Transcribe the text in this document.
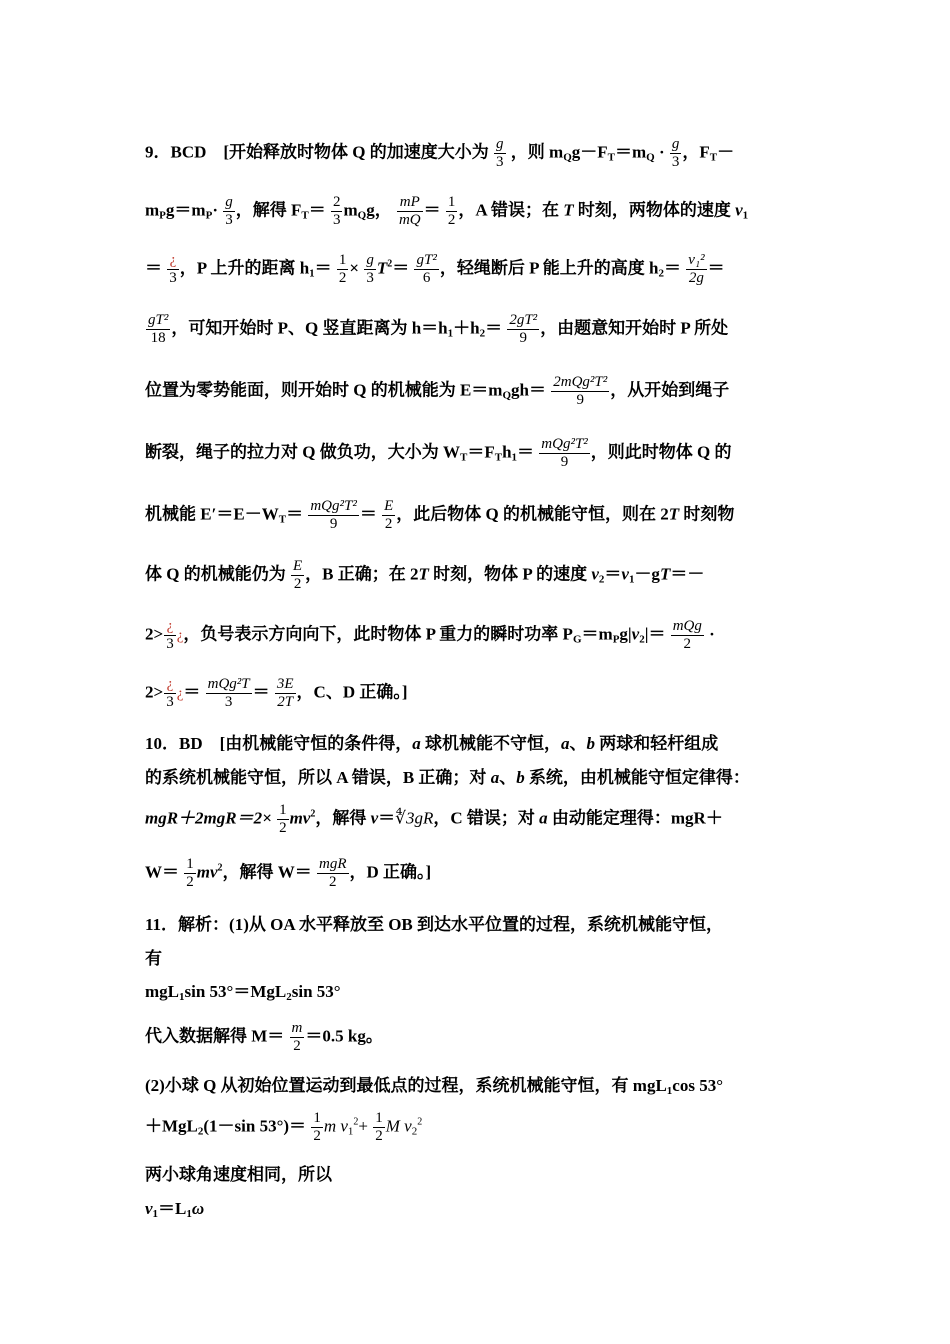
9．BCD　[开始释放时物体 Q 的加速度大小为 $\frac{g}{3}$ ，则 $m_Qg-F_T=m_Q \cdot \frac{g}{3}$ ，$F_T-$
$m_Pg=m_P\cdot \frac{g}{3}$ ，解得 $F_T= \frac{2}{3} m_Qg$， $\frac{mP}{mQ} = \frac{1}{2}$ ，A 错误；在 T 时刻，两物体的速度 $v_1$
＝ $\frac{¿}{3}$ ，P 上升的距离 $h_1= \frac{1}{2} \times \frac{g}{3} T^2= \frac{\text{gT²}}{6}$ ，轻绳断后 P 能上升的高度 $h_2= \frac{\text{v₁²}}{2g}$ ＝
$\frac{\text{gT²}}{18}$ ，可知开始时 P、Q 竖直距离为 $h=h_1+h_2= \frac{\text{2gT²}}{9}$ ，由题意知开始时 P 所处
位置为零势能面，则开始时 Q 的机械能为 $E=m_Qgh= \frac{\text{2mQg²T²}}{9}$ ，从开始到绳子
断裂，绳子的拉力对 Q 做负功，大小为 $W_T=F_Th_1= \frac{\text{mQg²T²}}{9}$ ，则此时物体 Q 的
机械能 $E'=E-W_T= \frac{\text{mQg²T²}}{9} = \frac{E}{2}$ ，此后物体 Q 的机械能守恒，则在 2T 时刻物
体 Q 的机械能仍为 $\frac{E}{2}$ ，B 正确；在 2T 时刻，物体 P 的速度 $v_2=v_1-gT=-$
$2> \frac{¿}{3}$ ¿，负号表示方向向下，此时物体 P 重力的瞬时功率 $P_G=m_Pg|v_2|= \frac{\text{mQg}}{2}$ ·
$2> \frac{¿}{3}$ ¿＝ $\frac{\text{mQg²T}}{3} = \frac{3E}{2T}$ ，C、D 正确。]
10．BD　[由机械能守恒的条件得，a 球机械能不守恒，a、b 两球和轻杆组成
的系统机械能守恒，所以 A 错误，B 正确；对 a、b 系统，由机械能守恒定律得：
$mgR+2mgR=2\times \frac{1}{2} mv^2$，解得 v＝∜3gR，C 错误；对 a 由动能定理得：mgR＋
$W= \frac{1}{2} mv^2$，解得 $W= \frac{\text{mgR}}{2}$ ，D 正确。]
11．解析：(1)从 OA 水平释放至 OB 到达水平位置的过程，系统机械能守恒，
有
mgL$_1$sin 53°＝MgL$_2$sin 53°
代入数据解得 $M= \frac{m}{2} =0.5$ kg。
(2)小球 Q 从初始位置运动到最低点的过程，系统机械能守恒，有 mgL$_1$cos 53°
＋MgL$_2$(1－sin $53^\circ)= \frac{1}{2}$ m $v_1^2+ \frac{1}{2}$ M $v_2^2$
两小球角速度相同，所以
$v_1=L_1\omega$
